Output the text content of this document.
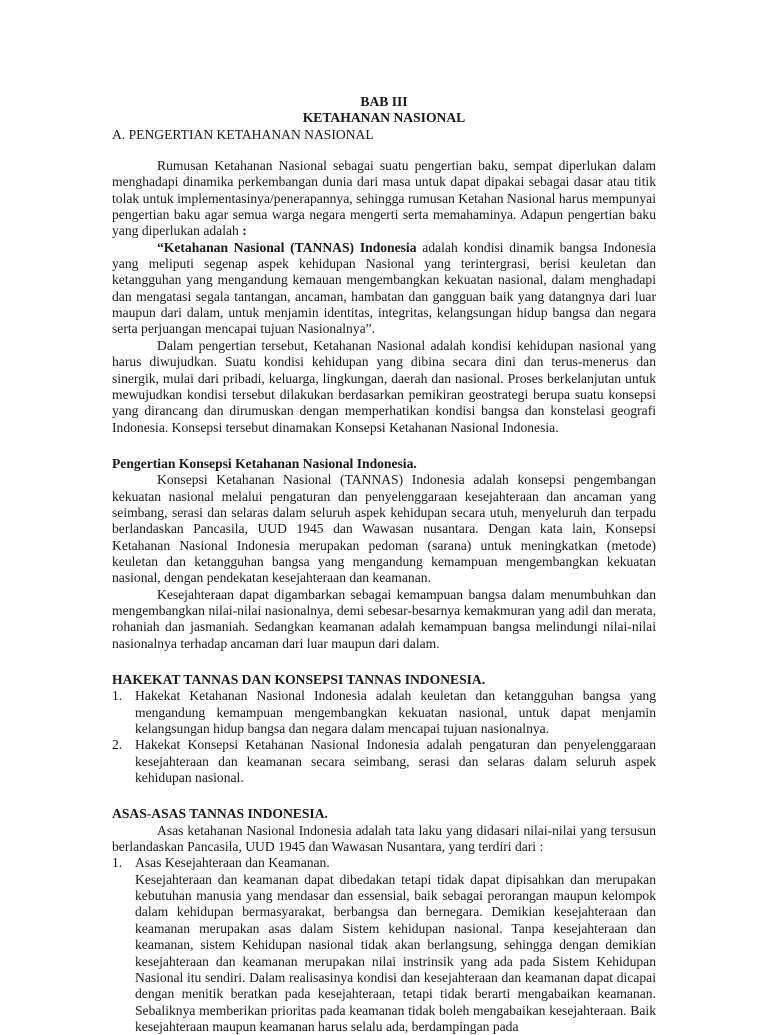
BAB III

KETAHANAN NASIONAL

A. PENGERTIAN KETAHANAN NASIONAL

Rumusan Ketahanan Nasional sebagai suatu pengertian baku, sempat diperlukan dalam menghadapi dinamika perkembangan dunia dari masa untuk dapat dipakai sebagai dasar atau titik tolak untuk implementasinya/penerapannya, sehingga rumusan Ketahan Nasional harus mempunyai pengertian baku agar semua warga negara mengerti serta memahaminya. Adapun pengertian baku yang diperlukan adalah :

“Ketahanan Nasional (TANNAS) Indonesia adalah kondisi dinamik bangsa Indonesia yang meliputi segenap aspek kehidupan Nasional yang terintergrasi, berisi keuletan dan ketangguhan yang mengandung kemauan mengembangkan kekuatan nasional, dalam menghadapi dan mengatasi segala tantangan, ancaman, hambatan dan gangguan baik yang datangnya dari luar maupun dari dalam, untuk menjamin identitas, integritas, kelangsungan hidup bangsa dan negara serta perjuangan mencapai tujuan Nasionalnya”.

Dalam pengertian tersebut, Ketahanan Nasional adalah kondisi kehidupan nasional yang harus diwujudkan. Suatu kondisi kehidupan yang dibina secara dini dan terus-menerus dan sinergik, mulai dari pribadi, keluarga, lingkungan, daerah dan nasional. Proses berkelanjutan untuk mewujudkan kondisi tersebut dilakukan berdasarkan pemikiran geostrategi berupa suatu konsepsi yang dirancang dan dirumuskan dengan memperhatikan kondisi bangsa dan konstelasi geografi Indonesia. Konsepsi tersebut dinamakan Konsepsi Ketahanan Nasional Indonesia.

Pengertian Konsepsi Ketahanan Nasional Indonesia.

Konsepsi Ketahanan Nasional (TANNAS) Indonesia adalah konsepsi pengembangan kekuatan nasional melalui pengaturan dan penyelenggaraan kesejahteraan dan ancaman yang seimbang, serasi dan selaras dalam seluruh aspek kehidupan secara utuh, menyeluruh dan terpadu berlandaskan Pancasila, UUD 1945 dan Wawasan nusantara. Dengan kata lain, Konsepsi Ketahanan Nasional Indonesia merupakan pedoman (sarana) untuk meningkatkan (metode) keuletan dan ketangguhan bangsa yang mengandung kemampuan mengembangkan kekuatan nasional, dengan pendekatan kesejahteraan dan keamanan.

Kesejahteraan dapat digambarkan sebagai kemampuan bangsa dalam menumbuhkan dan mengembangkan nilai-nilai nasionalnya, demi sebesar-besarnya kemakmuran yang adil dan merata, rohaniah dan jasmaniah. Sedangkan keamanan adalah kemampuan bangsa melindungi nilai-nilai nasionalnya terhadap ancaman dari luar maupun dari dalam.

HAKEKAT TANNAS DAN KONSEPSI TANNAS INDONESIA.

1. Hakekat Ketahanan Nasional Indonesia adalah keuletan dan ketangguhan bangsa yang mengandung kemampuan mengembangkan kekuatan nasional, untuk dapat menjamin kelangsungan hidup bangsa dan negara dalam mencapai tujuan nasionalnya.
2. Hakekat Konsepsi Ketahanan Nasional Indonesia adalah pengaturan dan penyelenggaraan kesejahteraan dan keamanan secara seimbang, serasi dan selaras dalam seluruh aspek kehidupan nasional.

ASAS-ASAS TANNAS INDONESIA.

Asas ketahanan Nasional Indonesia adalah tata laku yang didasari nilai-nilai yang tersusun berlandaskan Pancasila, UUD 1945 dan Wawasan Nusantara, yang terdiri dari :

1. Asas Kesejahteraan dan Keamanan.

Kesejahteraan dan keamanan dapat dibedakan tetapi tidak dapat dipisahkan dan merupakan kebutuhan manusia yang mendasar dan essensial, baik sebagai perorangan maupun kelompok dalam kehidupan bermasyarakat, berbangsa dan bernegara. Demikian kesejahteraan dan keamanan merupakan asas dalam Sistem kehidupan nasional. Tanpa kesejahteraan dan keamanan, sistem Kehidupan nasional tidak akan berlangsung, sehingga dengan demikian kesejahteraan dan keamanan merupakan nilai instrinsik yang ada pada Sistem Kehidupan Nasional itu sendiri. Dalam realisasinya kondisi dan kesejahteraan dan keamanan dapat dicapai dengan menitik beratkan pada kesejahteraan, tetapi tidak berarti mengabaikan keamanan. Sebaliknya memberikan prioritas pada keamanan tidak boleh mengabaikan kesejahteraan. Baik kesejahteraan maupun keamanan harus selalu ada, berdampingan pada
